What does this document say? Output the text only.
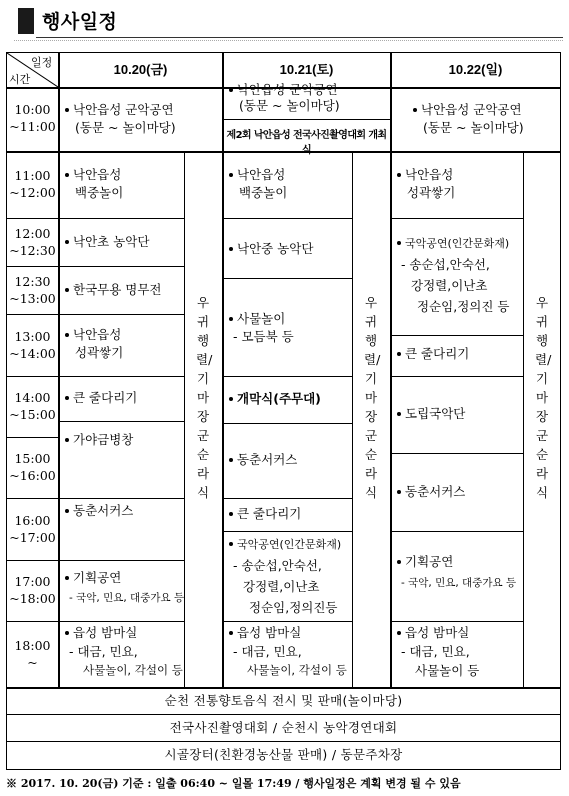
행사일정
일정
시간
10.20(금)	10.21(토)	10.22(일)
10:00
~11:00
11:00
~12:00
12:00
~12:30
12:30
~13:00
13:00
~14:00
14:00
~15:00
15:00
~16:00
16:00
~17:00
17:00
~18:00
18:00
~
낙안읍성 군악공연
(동문 ~ 놀이마당)
낙안읍성
백중놀이
낙안초 농악단
한국무용 명무전
낙안읍성
성곽쌓기
큰 줄다리기
가야금병창
동춘서커스
기획공연
- 국악, 민요, 대중가요 등
읍성 밤마실
- 대금, 민요,
사물놀이, 각설이 등
우귀행렬/기마장군순라식
낙안읍성 군악공연
(동문 ~ 놀이마당)
제2회 낙안읍성 전국사진촬영대회 개최식
낙안읍성
백중놀이
낙안중 농악단
사물놀이
- 모듬북 등
개막식(주무대)
동춘서커스
큰 줄다리기
국악공연(인간문화재)
- 송순섭,안숙선,
강정렬,이난초
정순임,정의진등
읍성 밤마실
- 대금, 민요,
사물놀이, 각설이 등
우귀행렬/기마장군순라식
낙안읍성 군악공연
(동문 ~ 놀이마당)
낙안읍성
성곽쌓기
국악공연(인간문화재)
- 송순섭,안숙선,
강정렬,이난초
정순임,정의진 등
큰 줄다리기
도립국악단
동춘서커스
기획공연
- 국악, 민요, 대중가요 등
읍성 밤마실
- 대금, 민요,
사물놀이 등
우귀행렬/기마장군순라식
순천 전통향토음식 전시 및 판매(놀이마당)
전국사진촬영대회 / 순천시 농악경연대회
시골장터(친환경농산물 판매) / 동문주차장
※ 2017. 10. 20(금) 기준 : 일출 06:40 ~ 일몰 17:49 / 행사일정은 계획 변경 될 수 있음
